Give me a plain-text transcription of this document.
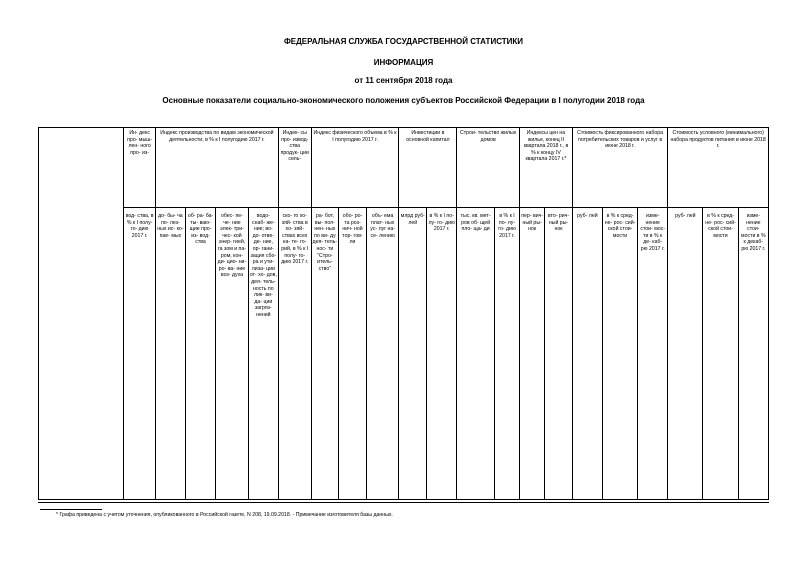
ФЕДЕРАЛЬНАЯ СЛУЖБА ГОСУДАРСТВЕННОЙ СТАТИСТИКИ
ИНФОРМАЦИЯ
от 11 сентября 2018 года
Основные показатели социально-экономического положения субъектов Российской Федерации в I полугодии 2018 года
	Ин- декс про- мыш- лен- ного про- из-	Индекс производства по видам экономической деятельности, в % к I полугодию 2017 г.				Индек- сы про- извод- ства продук- ции сель-	Индекс физического объема в % к I полугодию 2017 г.			Инвестиции в основной капитал		Строи- тельство жилых домов		Индексы цен на жилье, конец II квартала 2018 г., в % к концу IV квартала 2017 г.*		Стоимость фиксированного набора потребительских товаров и услуг в июне 2018 г.			Стоимость условного (минимального) набора продуктов питания в июне 2018 г.		
	вод- ства, в % к I полу- го- дию 2017 г.	до- бы- ча по- лез- ных ис- ко- пае- мых	об- ра- ба- ты- ваю- щие про- из- вод- ства	обес- пе- че- ние элек- три- чес- кой энер- гией, га зом и па- ром, кон- ди- цио- ни- ро- ва- ние воз- духа	водо- снаб- же- ние; во- до- отве- де- ние, ор- гани- зация сбо- ра и ути- лиза- ции от- хо- дов, дея- тель- ность по лик- ви- да- ции загряз- нений	ско- го хо- зяй- ства в хо- зяй- ствах всех ка- те- го- рий, в % к I полу- го- дию 2017 г.	ра- бот, вы- пол- нен- ных по ви- ду дея- тель- нос- ти "Стро- итель- ство"	обо- ро- та роз- нич- ной тор- гов- ли	объ- ема плат- ных ус- луг на- се- лению	млрд руб- лей	в % к I по- лу- го- дию 2017 г.	тыс. кв. мет- ров об- щей пло- ща- ди	в % к I по- лу- го- дию 2017 г.	пер- вич- ный ры- нок	вто- рич- ный ры- нок	руб- лей	в % к сред- не- рос- сий- ской стои- мости	изме- нение стои- мос- ти в % к де- каб- рю 2017 г.	руб- лей	в % к сред- не- рос- сий- ской стои- мости	изме- нение стои- мости в % к декаб- рю 2017 г.
* Графа приведена с учетом уточнения, опубликованного в Российской газете, N 208, 19.09.2018. - Примечание изготовителя базы данных.
